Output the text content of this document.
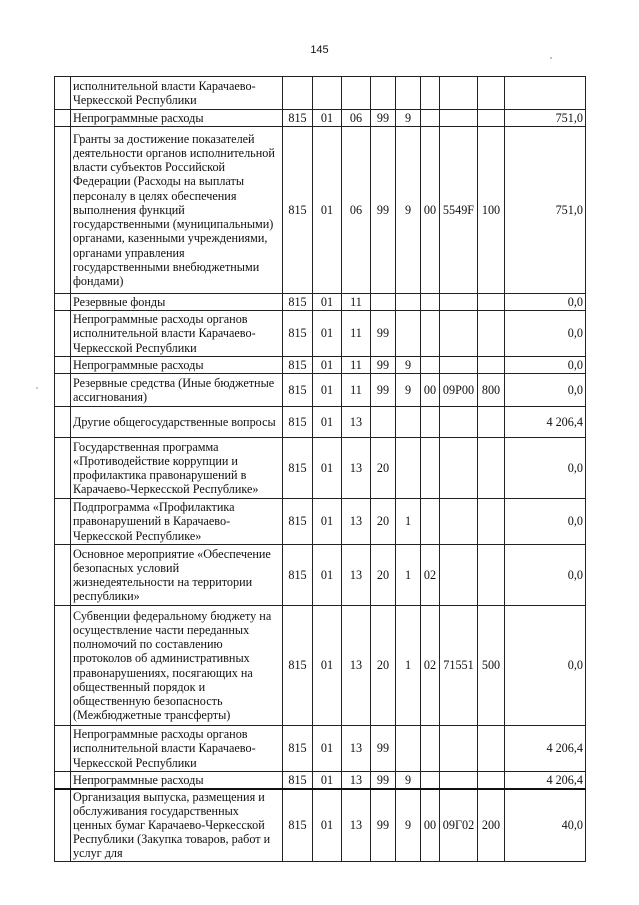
145
	исполнительной власти Карачаево-Черкесской Республики									
	Непрограммные расходы	815	01	06	99	9				751,0
	Гранты за достижение показателей деятельности органов исполнительной власти субъектов Российской Федерации (Расходы на выплаты персоналу в целях обеспечения выполнения функций государственными (муниципальными) органами, казенными учреждениями, органами управления государственными внебюджетными фондами)	815	01	06	99	9	00	5549F	100	751,0
	Резервные фонды	815	01	11						0,0
	Непрограммные расходы органов исполнительной власти Карачаево-Черкесской Республики	815	01	11	99					0,0
	Непрограммные расходы	815	01	11	99	9				0,0
	Резервные средства (Иные бюджетные ассигнования)	815	01	11	99	9	00	09Р00	800	0,0
	Другие общегосударственные вопросы	815	01	13						4 206,4
	Государственная программа «Противодействие коррупции и профилактика правонарушений в Карачаево-Черкесской Республике»	815	01	13	20					0,0
	Подпрограмма «Профилактика правонарушений в Карачаево-Черкесской Республике»	815	01	13	20	1				0,0
	Основное мероприятие «Обеспечение безопасных условий жизнедеятельности на территории республики»	815	01	13	20	1	02			0,0
	Субвенции федеральному бюджету на осуществление части переданных полномочий по составлению протоколов об административных правонарушениях, посягающих на общественный порядок и общественную безопасность (Межбюджетные трансферты)	815	01	13	20	1	02	71551	500	0,0
	Непрограммные расходы органов исполнительной власти Карачаево-Черкесской Республики	815	01	13	99					4 206,4
	Непрограммные расходы	815	01	13	99	9				4 206,4
	Организация выпуска, размещения и обслуживания государственных ценных бумаг Карачаево-Черкесской Республики (Закупка товаров, работ и услуг для	815	01	13	99	9	00	09Г02	200	40,0
